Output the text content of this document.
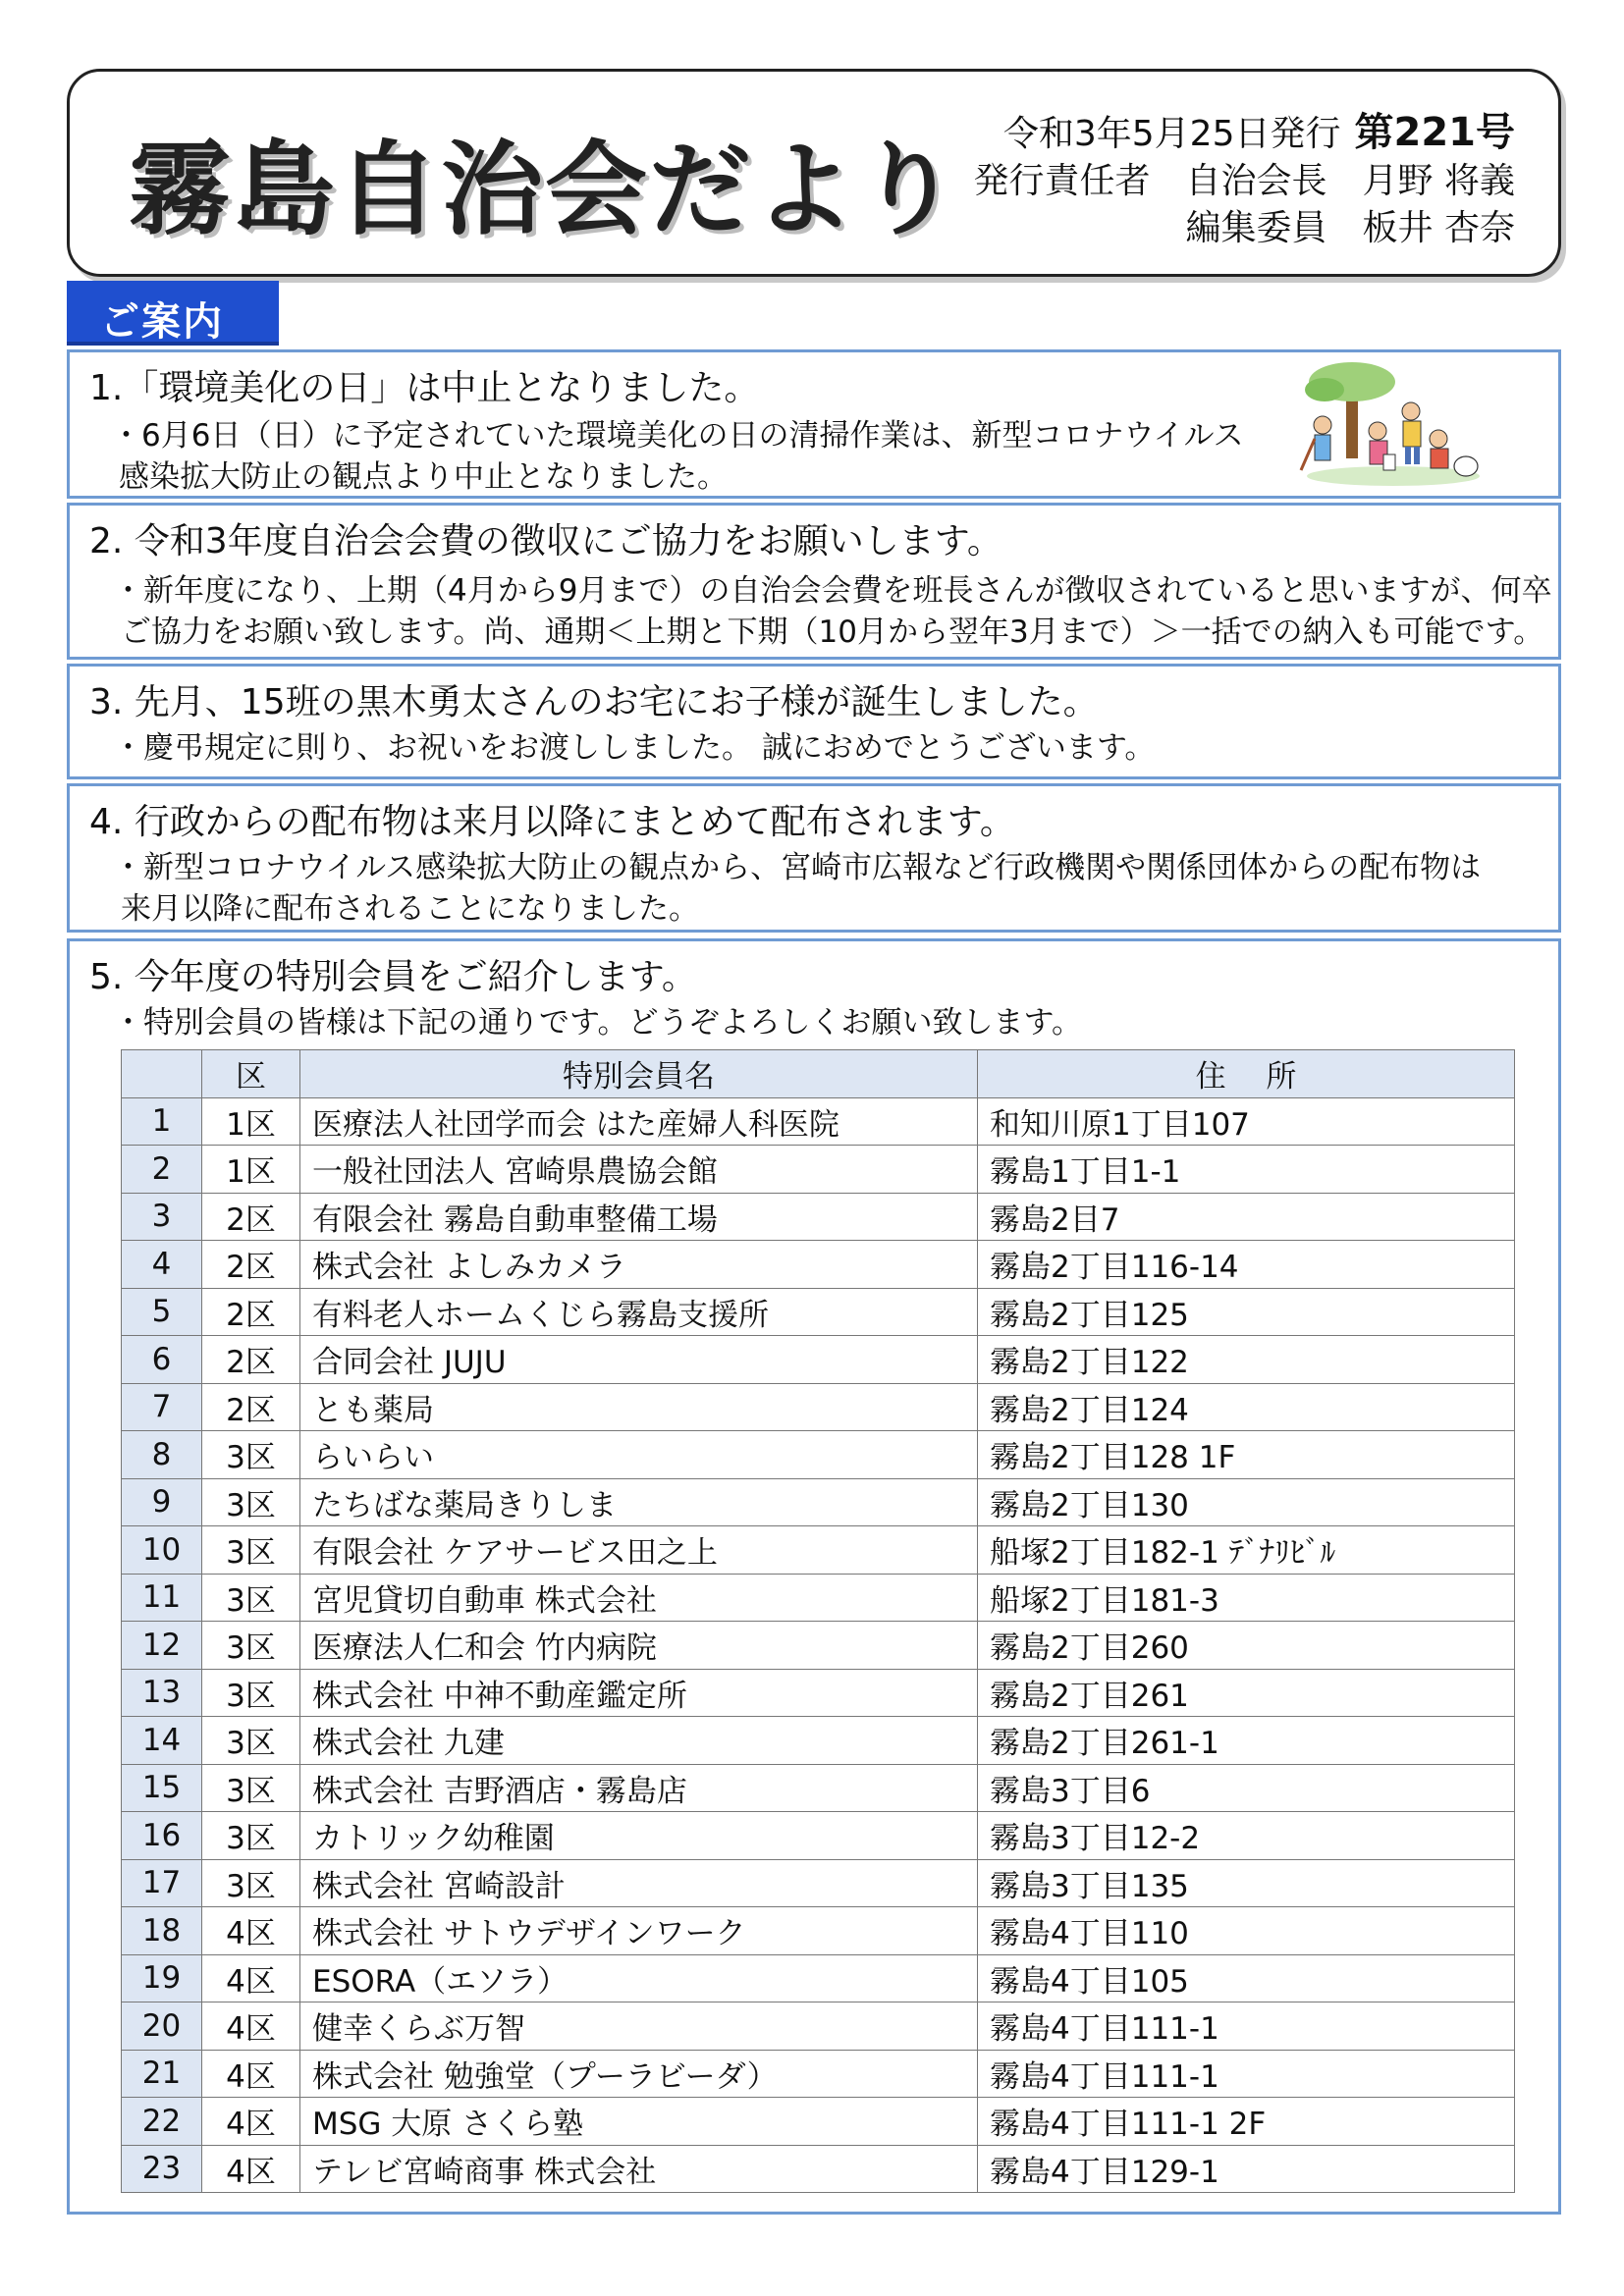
霧島自治会だより	令和3年5月25日発行 第221号
発行責任者　自治会長　月野 将義
編集委員　板井 杏奈
ご案内
1.「環境美化の日」は中止となりました。

・6月6日（日）に予定されていた環境美化の日の清掃作業は、新型コロナウイルス

感染拡大防止の観点より中止となりました。

2. 令和3年度自治会会費の徴収にご協力をお願いします。

・新年度になり、上期（4月から9月まで）の自治会会費を班長さんが徴収されていると思いますが、何卒

ご協力をお願い致します。尚、通期＜上期と下期（10月から翌年3月まで）＞一括での納入も可能です。

3. 先月、15班の黒木勇太さんのお宅にお子様が誕生しました。

・慶弔規定に則り、お祝いをお渡ししました。 誠におめでとうございます。

4. 行政からの配布物は来月以降にまとめて配布されます。

・新型コロナウイルス感染拡大防止の観点から、宮崎市広報など行政機関や関係団体からの配布物は

来月以降に配布されることになりました。

5. 今年度の特別会員をご紹介します。

・特別会員の皆様は下記の通りです。どうぞよろしくお願い致します。

	区	特別会員名	住　 所
1	1区	医療法人社団学而会 はた産婦人科医院	和知川原1丁目107
2	1区	一般社団法人 宮崎県農協会館	霧島1丁目1-1
3	2区	有限会社 霧島自動車整備工場	霧島2目7
4	2区	株式会社 よしみカメラ	霧島2丁目116-14
5	2区	有料老人ホームくじら霧島支援所	霧島2丁目125
6	2区	合同会社 JUJU	霧島2丁目122
7	2区	とも薬局	霧島2丁目124
8	3区	らいらい	霧島2丁目128 1F
9	3区	たちばな薬局きりしま	霧島2丁目130
10	3区	有限会社 ケアサービス田之上	船塚2丁目182-1 ﾃﾞﾅﾘﾋﾞﾙ
11	3区	宮児貸切自動車 株式会社	船塚2丁目181-3
12	3区	医療法人仁和会 竹内病院	霧島2丁目260
13	3区	株式会社 中神不動産鑑定所	霧島2丁目261
14	3区	株式会社 九建	霧島2丁目261-1
15	3区	株式会社 吉野酒店・霧島店	霧島3丁目6
16	3区	カトリック幼稚園	霧島3丁目12-2
17	3区	株式会社 宮崎設計	霧島3丁目135
18	4区	株式会社 サトウデザインワーク	霧島4丁目110
19	4区	ESORA（エソラ）	霧島4丁目105
20	4区	健幸くらぶ万智	霧島4丁目111-1
21	4区	株式会社 勉強堂（プーラビーダ）	霧島4丁目111-1
22	4区	MSG 大原 さくら塾	霧島4丁目111-1 2F
23	4区	テレビ宮崎商事 株式会社	霧島4丁目129-1
